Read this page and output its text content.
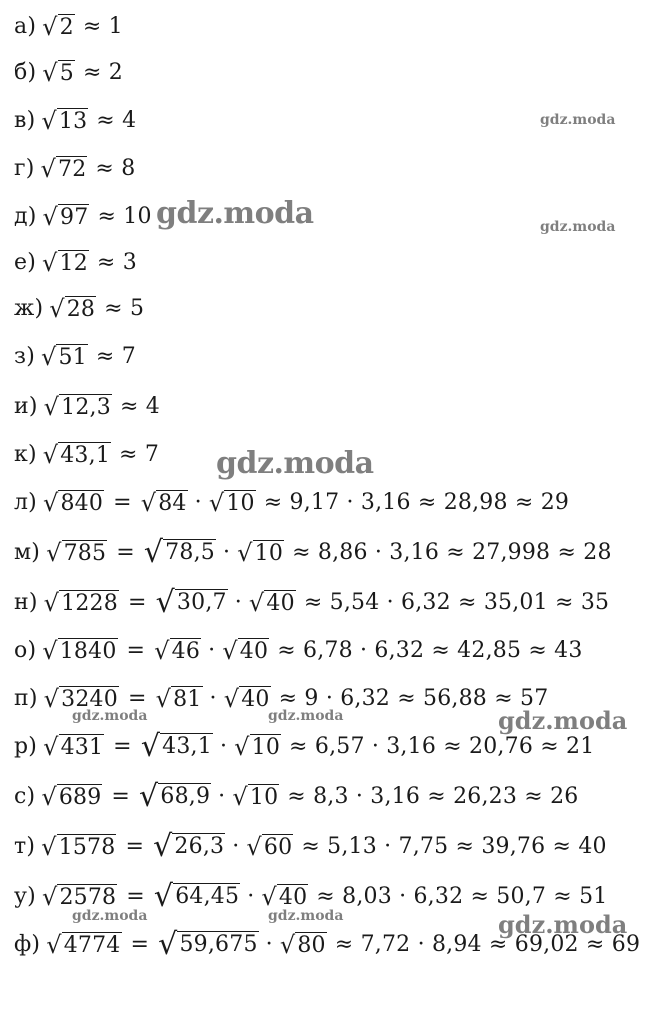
а) √ 2 ≈ 1
б) √ 5 ≈ 2
в) √ 13 ≈ 4
г) √ 72 ≈ 8
д) √ 97 ≈ 10
е) √ 12 ≈ 3
ж) √ 28 ≈ 5
з) √ 51 ≈ 7
и) √ 12,3 ≈ 4
к) √ 43,1 ≈ 7
л) √ 840 = √ 84 · √ 10 ≈ 9,17 · 3,16 ≈ 28,98 ≈ 29
м) √ 785 = √ 78,5 · √ 10 ≈ 8,86 · 3,16 ≈ 27,998 ≈ 28
н) √ 1228 = √ 30,7 · √ 40 ≈ 5,54 · 6,32 ≈ 35,01 ≈ 35
о) √ 1840 = √ 46 · √ 40 ≈ 6,78 · 6,32 ≈ 42,85 ≈ 43
п) √ 3240 = √ 81 · √ 40 ≈ 9 · 6,32 ≈ 56,88 ≈ 57
р) √ 431 = √ 43,1 · √ 10 ≈ 6,57 · 3,16 ≈ 20,76 ≈ 21
с) √ 689 = √ 68,9 · √ 10 ≈ 8,3 · 3,16 ≈ 26,23 ≈ 26
т) √ 1578 = √ 26,3 · √ 60 ≈ 5,13 · 7,75 ≈ 39,76 ≈ 40
у) √ 2578 = √ 64,45 · √ 40 ≈ 8,03 · 6,32 ≈ 50,7 ≈ 51
ф) √ 4774 = √ 59,675 · √ 80 ≈ 7,72 · 8,94 ≈ 69,02 ≈ 69
gdz.moda
gdz.moda
gdz.moda
gdz.moda
gdz.moda	gdz.moda	gdz.moda
gdz.moda	gdz.moda	gdz.moda
